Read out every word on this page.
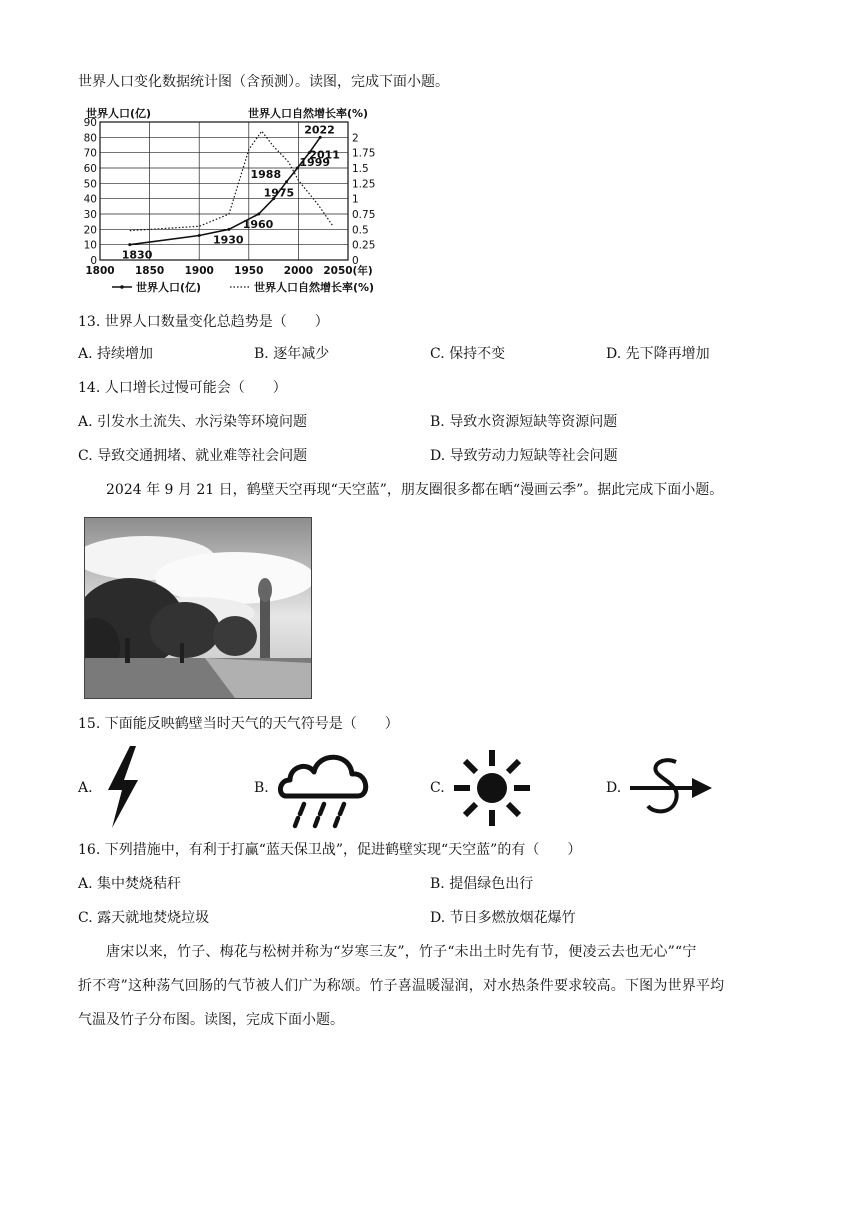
世界人口变化数据统计图（含预测）。读图，完成下面小题。
0
10
20
30
40
50
60
70
80
90
0
0.25
0.5
0.75
1
1.25
1.5
1.75
2
1800 1850 1900 1950 2000 2050(年)
世界人口(亿)	世界人口自然增长率(%)
1830
1930
1960
1975
1988
1999
2011
2022
世界人口(亿)	世界人口自然增长率(%)
13. 世界人口数量变化总趋势是（　　）
A. 持续增加	B. 逐年减少	C. 保持不变	D. 先下降再增加
14. 人口增长过慢可能会（　　）
A. 引发水土流失、水污染等环境问题	B. 导致水资源短缺等资源问题
C. 导致交通拥堵、就业难等社会问题	D. 导致劳动力短缺等社会问题
2024 年 9 月 21 日，鹤壁天空再现“天空蓝”，朋友圈很多都在晒“漫画云季”。据此完成下面小题。
15. 下面能反映鹤壁当时天气的天气符号是（　　）
A.	B.	C.	D.
16. 下列措施中，有利于打赢“蓝天保卫战”，促进鹤壁实现“天空蓝”的有（　　）
A. 集中焚烧秸秆	B. 提倡绿色出行
C. 露天就地焚烧垃圾	D. 节日多燃放烟花爆竹
唐宋以来，竹子、梅花与松树并称为“岁寒三友”，竹子“未出土时先有节，便凌云去也无心”“宁
折不弯”这种荡气回肠的气节被人们广为称颂。竹子喜温暖湿润，对水热条件要求较高。下图为世界平均
气温及竹子分布图。读图，完成下面小题。
